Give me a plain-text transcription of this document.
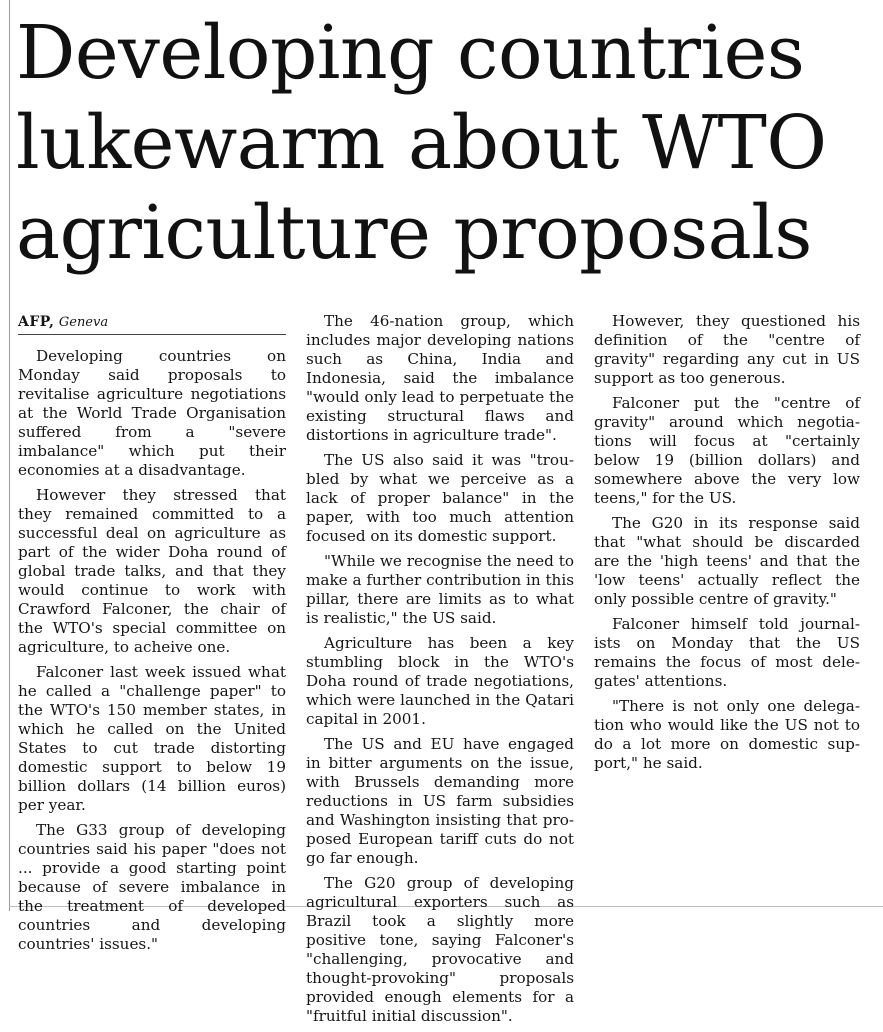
Developing countries
lukewarm about WTO
agriculture proposals
AFP, Geneva

Developing countries on Monday said proposals to revitalise agriculture negotiations at the World Trade Organisation suffered from a "severe imbalance" which put their economies at a disadvantage.

However they stressed that they remained committed to a successful deal on agriculture as part of the wider Doha round of global trade talks, and that they would continue to work with Crawford Falconer, the chair of the WTO's special committee on agriculture, to acheive one.

Falconer last week issued what he called a "challenge paper" to the WTO's 150 member states, in which he called on the United States to cut trade distorting domestic support to below 19 billion dollars (14 billion euros) per year.

The G33 group of developing countries said his paper "does not ... provide a good starting point because of severe imbalance in the treatment of developed countries and developing countries' issues."

The 46-nation group, which includes major developing nations such as China, India and Indonesia, said the imbalance "would only lead to perpetuate the existing structural flaws and distortions in agriculture trade".

The US also said it was "troubled by what we perceive as a lack of proper balance" in the paper, with too much attention focused on its domestic support.

"While we recognise the need to make a further contribution in this pillar, there are limits as to what is realistic," the US said.

Agriculture has been a key stumbling block in the WTO's Doha round of trade negotiations, which were launched in the Qatari capital in 2001.

The US and EU have engaged in bitter arguments on the issue, with Brussels demanding more reductions in US farm subsidies and Washington insisting that proposed European tariff cuts do not go far enough.

The G20 group of developing agricultural exporters such as Brazil took a slightly more positive tone, saying Falconer's "challenging, provocative and thought-provoking" proposals provided enough elements for a "fruitful initial discussion".

However, they questioned his definition of the "centre of gravity" regarding any cut in US support as too generous.

Falconer put the "centre of gravity" around which negotiations will focus at "certainly below 19 (billion dollars) and somewhere above the very low teens," for the US.

The G20 in its response said that "what should be discarded are the 'high teens' and that the 'low teens' actually reflect the only possible centre of gravity."

Falconer himself told journalists on Monday that the US remains the focus of most delegates' attentions.

"There is not only one delegation who would like the US not to do a lot more on domestic support," he said.
